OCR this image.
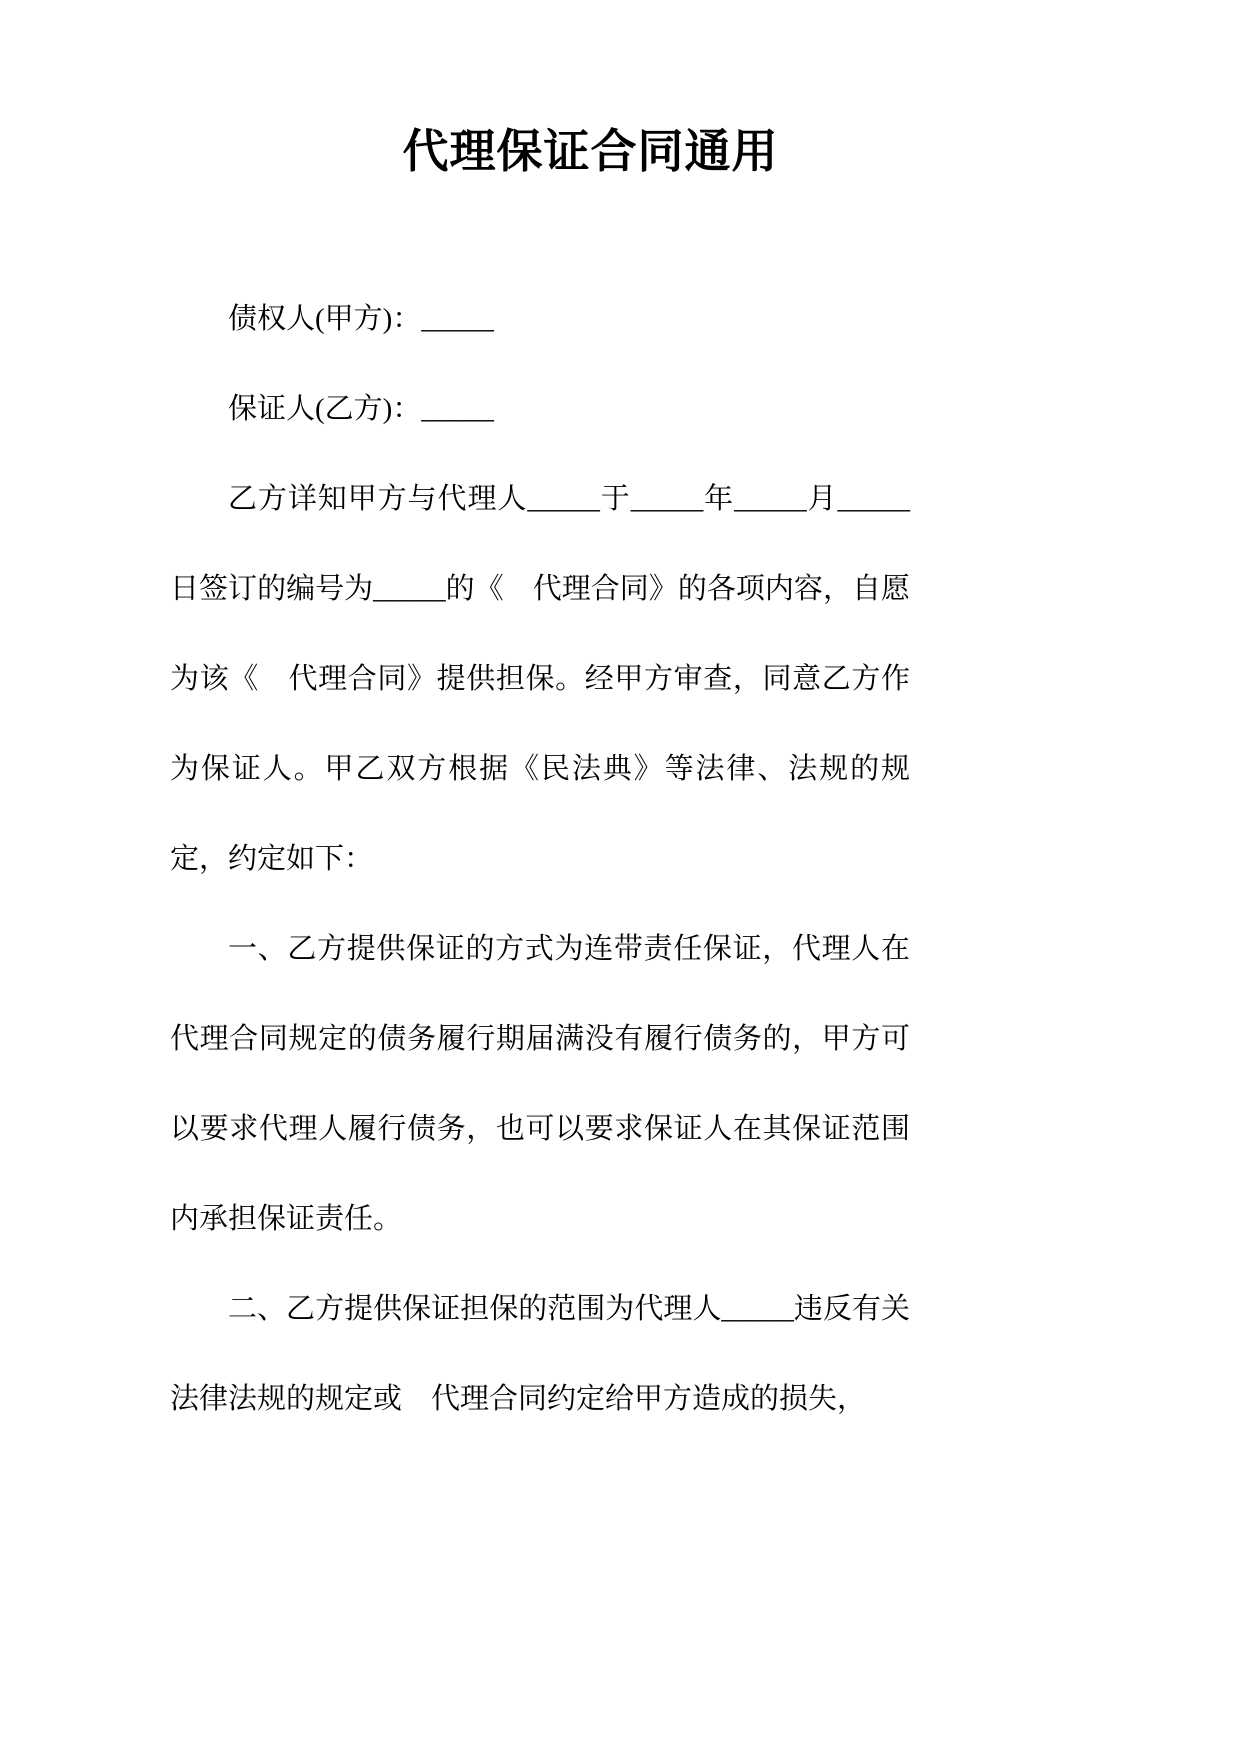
代理保证合同通用

债权人(甲方)：_____

保证人(乙方)：_____

乙方详知甲方与代理人_____于_____年_____月_____日签订的编号为_____的《　代理合同》的各项内容，自愿为该《　代理合同》提供担保。经甲方审查，同意乙方作为保证人。甲乙双方根据《民法典》等法律、法规的规定，约定如下：

一、乙方提供保证的方式为连带责任保证，代理人在代理合同规定的债务履行期届满没有履行债务的，甲方可以要求代理人履行债务，也可以要求保证人在其保证范围内承担保证责任。

二、乙方提供保证担保的范围为代理人_____违反有关法律法规的规定或　代理合同约定给甲方造成的损失，
